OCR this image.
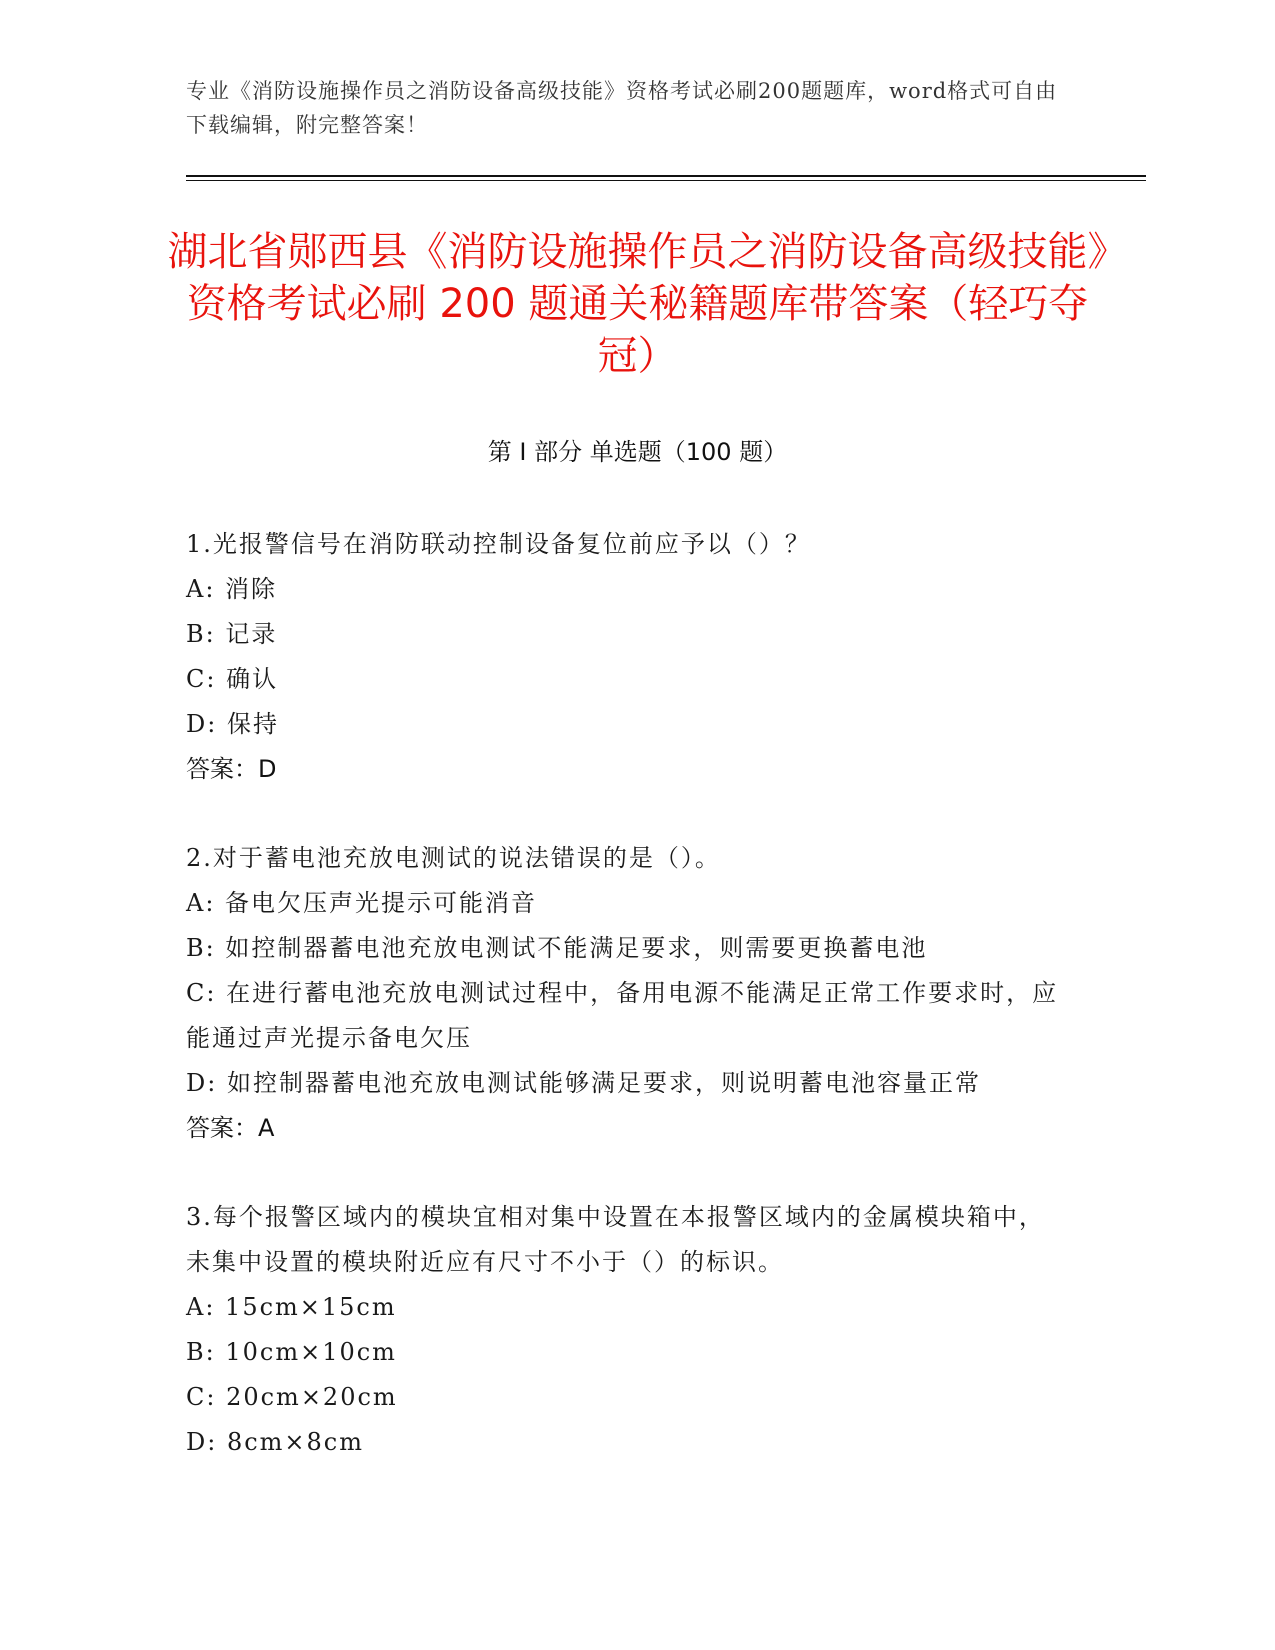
专业《消防设施操作员之消防设备高级技能》资格考试必刷200题题库，word格式可自由下载编辑，附完整答案！
湖北省郧西县《消防设施操作员之消防设备高级技能》资格考试必刷 200 题通关秘籍题库带答案（轻巧夺冠）
第 I 部分 单选题（100 题）
1.光报警信号在消防联动控制设备复位前应予以（）？
A: 消除
B: 记录
C: 确认
D: 保持
答案：D
2.对于蓄电池充放电测试的说法错误的是（）。
A: 备电欠压声光提示可能消音
B: 如控制器蓄电池充放电测试不能满足要求，则需要更换蓄电池
C: 在进行蓄电池充放电测试过程中，备用电源不能满足正常工作要求时，应能通过声光提示备电欠压
D: 如控制器蓄电池充放电测试能够满足要求，则说明蓄电池容量正常
答案：A
3.每个报警区域内的模块宜相对集中设置在本报警区域内的金属模块箱中，未集中设置的模块附近应有尺寸不小于（）的标识。
A: 15cm×15cm
B: 10cm×10cm
C: 20cm×20cm
D: 8cm×8cm
